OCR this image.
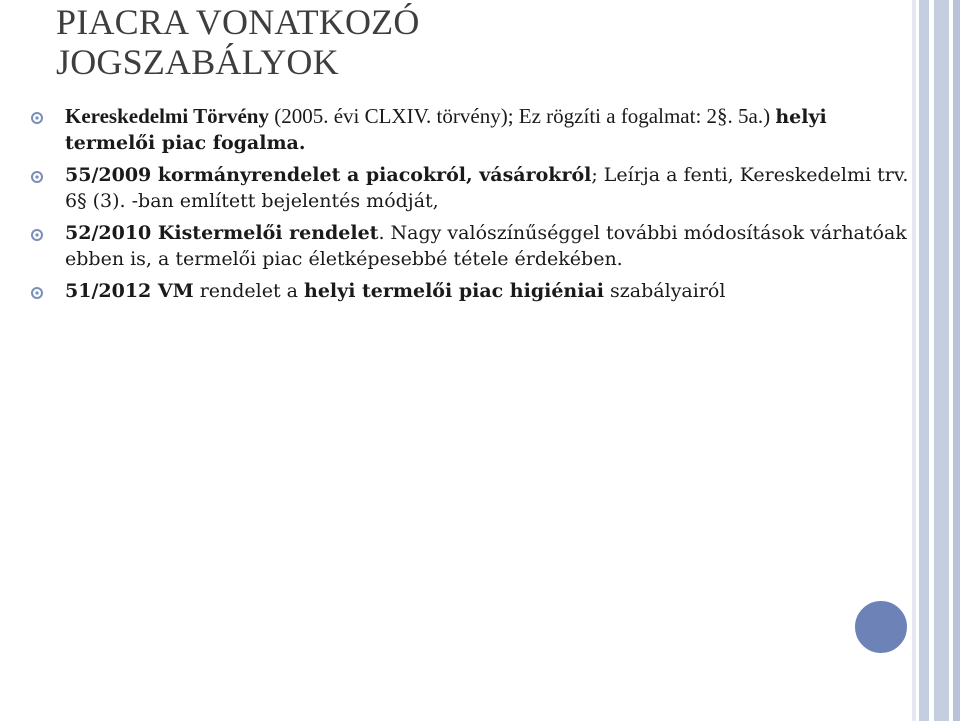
PIACRA VONATKOZÓ
JOGSZABÁLYOK
Kereskedelmi Törvény (2005. évi CLXIV. törvény); Ez rögzíti a fogalmat: 2§. 5a.) helyi termelői piac fogalma.
55/2009 kormányrendelet a piacokról, vásárokról; Leírja a fenti, Kereskedelmi trv. 6§ (3). -ban említett bejelentés módját,
52/2010 Kistermelői rendelet. Nagy valószínűséggel további módosítások várhatóak ebben is, a termelői piac életképesebbé tétele érdekében.
51/2012 VM rendelet a helyi termelői piac higiéniai szabályairól
